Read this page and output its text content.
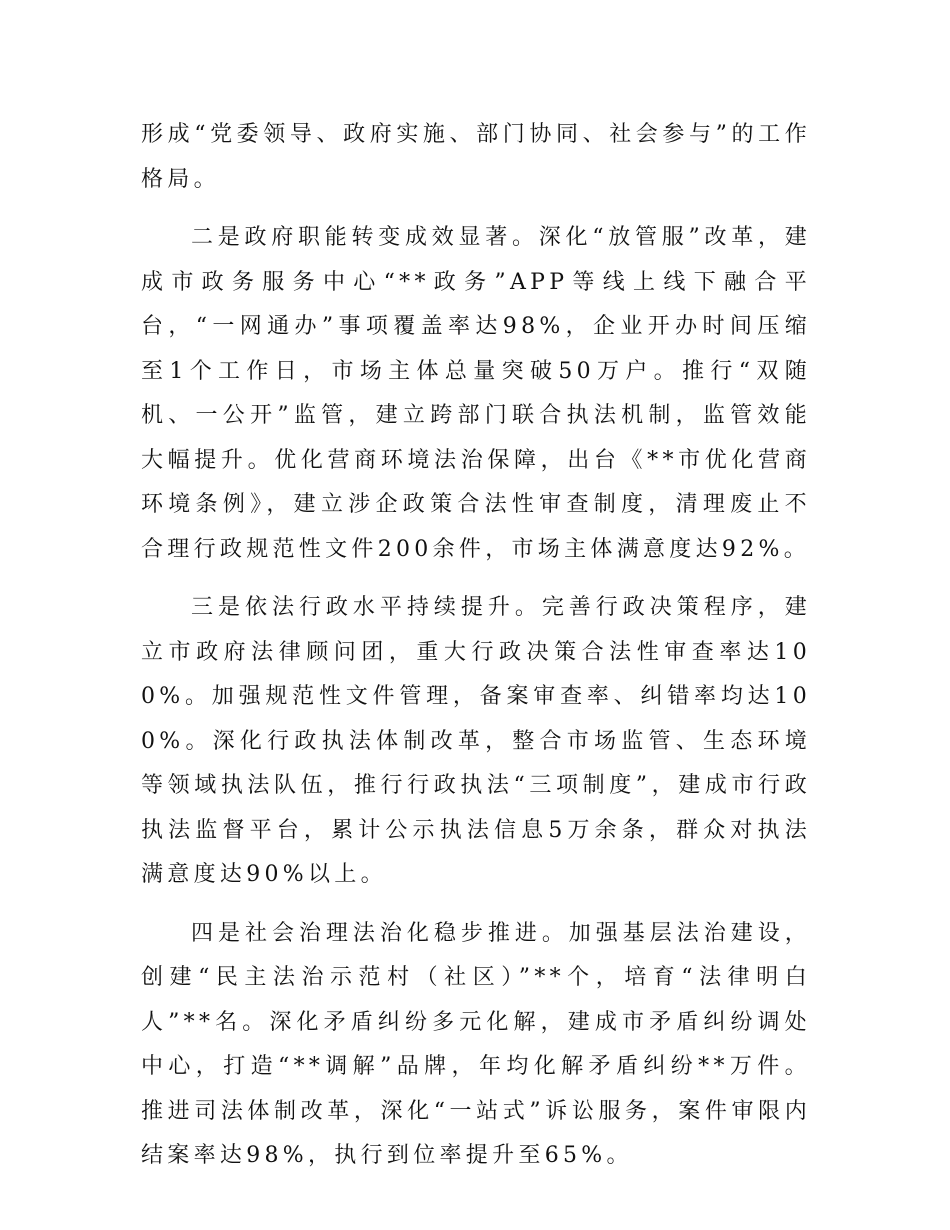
形成“党委领导、政府实施、部门协同、社会参与”的工作格局。

二是政府职能转变成效显著。深化“放管服”改革，建成市政务服务中心“**政务”APP等线上线下融合平台，“一网通办”事项覆盖率达98%，企业开办时间压缩至1个工作日，市场主体总量突破50万户。推行“双随机、一公开”监管，建立跨部门联合执法机制，监管效能大幅提升。优化营商环境法治保障，出台《**市优化营商环境条例》，建立涉企政策合法性审查制度，清理废止不合理行政规范性文件200余件，市场主体满意度达92%。

三是依法行政水平持续提升。完善行政决策程序，建立市政府法律顾问团，重大行政决策合法性审查率达100%。加强规范性文件管理，备案审查率、纠错率均达100%。深化行政执法体制改革，整合市场监管、生态环境等领域执法队伍，推行行政执法“三项制度”，建成市行政执法监督平台，累计公示执法信息5万余条，群众对执法满意度达90%以上。

四是社会治理法治化稳步推进。加强基层法治建设，创建“民主法治示范村（社区）”**个，培育“法律明白人”**名。深化矛盾纠纷多元化解，建成市矛盾纠纷调处中心，打造“**调解”品牌，年均化解矛盾纠纷**万件。推进司法体制改革，深化“一站式”诉讼服务，案件审限内结案率达98%，执行到位率提升至65%。
